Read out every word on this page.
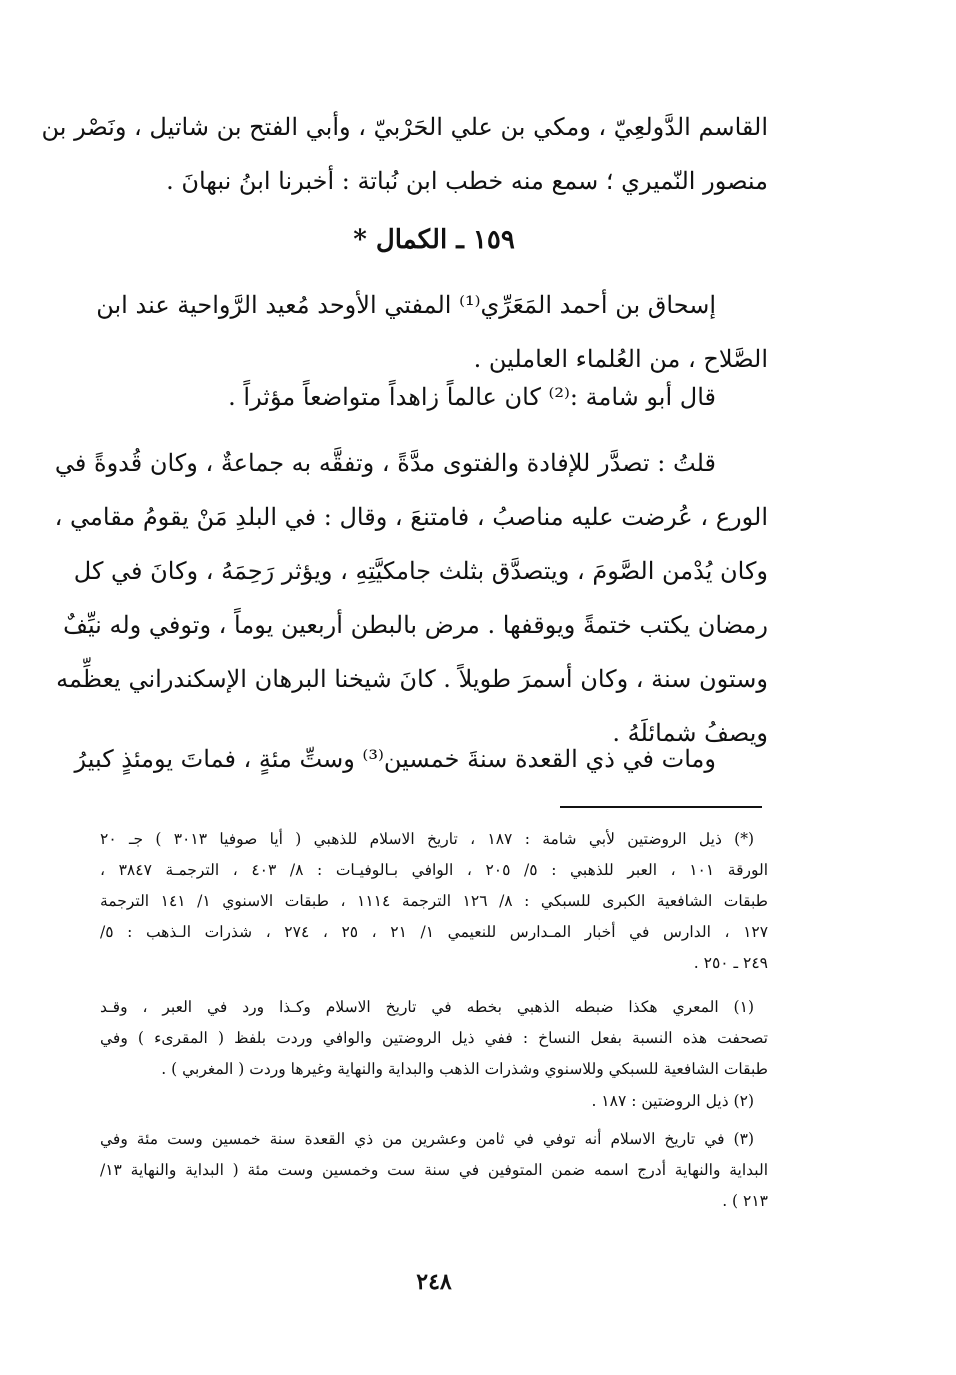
القاسم الدَّولعِيّ ، ومكي بن علي الحَرْبيّ ، وأبي الفتح بن شاتيل ، ونَصْر بن
منصور النّميري ؛ سمع منه خطب ابن نُباتة : أخبرنا ابنُ نبهانَ .
١٥٩ ـ الكمال *
إسحاق بن أحمد المَعَرِّي⁽¹⁾ المفتي الأوحد مُعيد الرَّواحية عند ابن
الصَّلاح ، من العُلماء العاملين .
قال أبو شامة :⁽²⁾ كان عالماً زاهداً متواضعاً مؤثراً .
قلتُ : تصدَّر للإفادة والفتوى مدَّةً ، وتفقَّه به جماعةٌ ، وكان قُدوةً في
الورع ، عُرضت عليه مناصبُ ، فامتنعَ ، وقال : في البلدِ مَنْ يقومُ مقامي ،
وكان يُدْمن الصَّومَ ، ويتصدَّق بثلث جامكيَّتِهِ ، ويؤثر رَحِمَهُ ، وكانَ في كل
رمضان يكتب ختمةً ويوقفها . مرض بالبطن أربعين يوماً ، وتوفي وله نيِّفٌ
وستون سنة ، وكان أسمرَ طويلاً . كانَ شيخنا البرهان الإسكندراني يعظِّمه
ويصفُ شمائلَهُ .
ومات في ذي القعدة سنةَ خمسين⁽³⁾ وستِّ مئةٍ ، فماتَ يومئذٍ كبيرُ
(*) ذيل الروضتين لأبي شامة : ١٨٧ ، تاريخ الاسلام للذهبي ( أيا صوفيا ٣٠١٣ ) جـ ٢٠
الورقة ١٠١ ، العبر للذهبي : ٥/ ٢٠٥ ، الوافي بـالوفيـات : ٨/ ٤٠٣ ، الترجمـة ٣٨٤٧ ،
طبقات الشافعية الكبرى للسبكي : ٨/ ١٢٦ الترجمة ١١١٤ ، طبقات الاسنوي ١/ ١٤١ الترجمة
١٢٧ ، الدارس في أخبار المـدارس للنعيمي ١/ ٢١ ، ٢٥ ، ٢٧٤ ، شذرات الـذهب : ٥/
٢٤٩ ـ ٢٥٠ .
(١) المعري هكذا ضبطه الذهبي بخطه في تاريخ الاسلام وكـذا ورد في العبر ، وقـد
تصحفت هذه النسبة بفعل النساخ : ففي ذيل الروضتين والوافي وردت بلفظ ( المقرىء ) وفي
طبقات الشافعية للسبكي وللاسنوي وشذرات الذهب والبداية والنهاية وغيرها وردت ( المغربي ) .
(٢) ذيل الروضتين : ١٨٧ .
(٣) في تاريخ الاسلام أنه توفي في ثامن وعشرين من ذي القعدة سنة خمسين وست مئة وفي
البداية والنهاية أدرج اسمه ضمن المتوفين في سنة ست وخمسين وست مئة ( البداية والنهاية ١٣/
٢١٣ ) .
٢٤٨
